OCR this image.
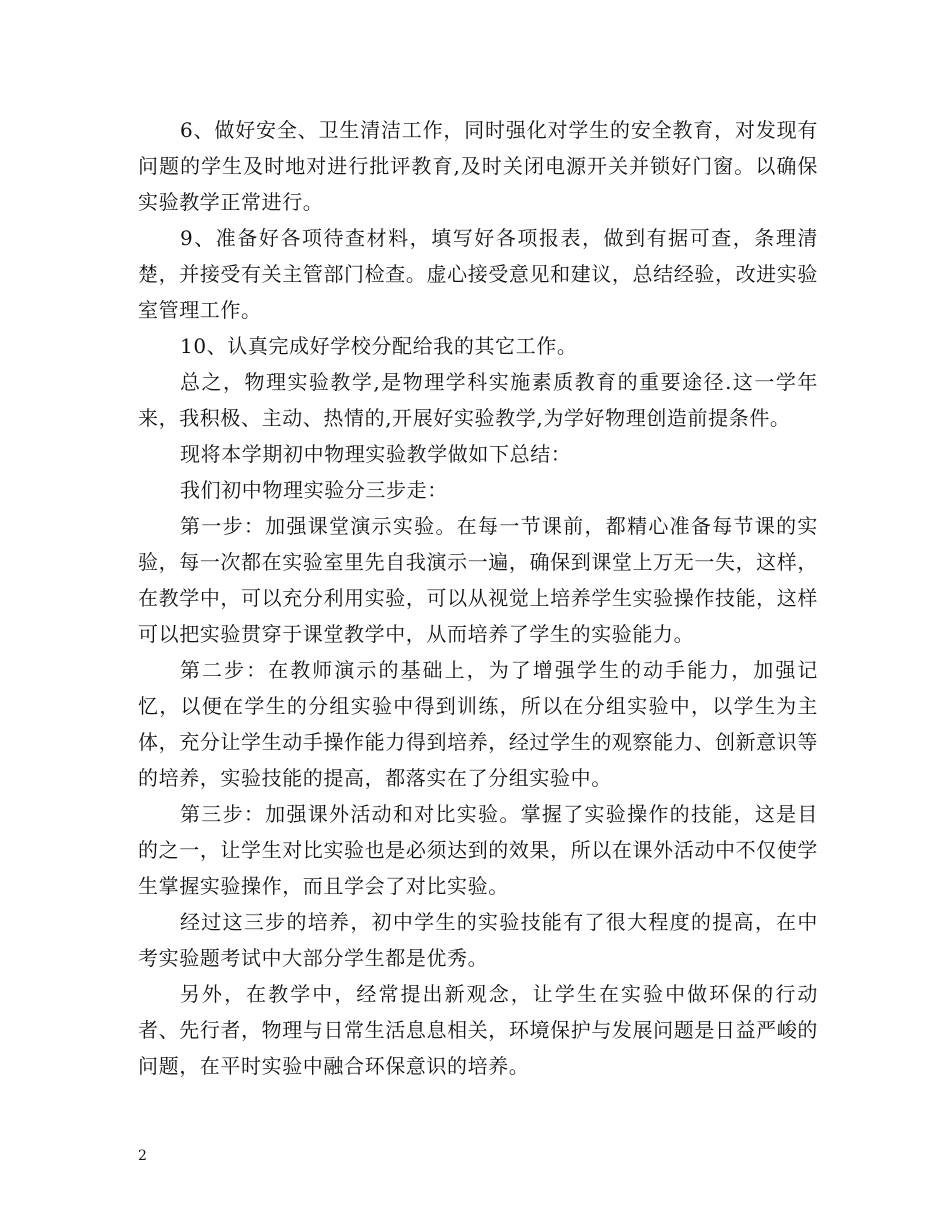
6、做好安全、卫生清洁工作，同时强化对学生的安全教育，对发现有问题的学生及时地对进行批评教育,及时关闭电源开关并锁好门窗。以确保实验教学正常进行。

9、准备好各项待查材料，填写好各项报表，做到有据可查，条理清楚，并接受有关主管部门检查。虚心接受意见和建议，总结经验，改进实验室管理工作。

10、认真完成好学校分配给我的其它工作。

总之，物理实验教学,是物理学科实施素质教育的重要途径.这一学年来，我积极、主动、热情的,开展好实验教学,为学好物理创造前提条件。

现将本学期初中物理实验教学做如下总结：

我们初中物理实验分三步走：

第一步：加强课堂演示实验。在每一节课前，都精心准备每节课的实验，每一次都在实验室里先自我演示一遍，确保到课堂上万无一失，这样，在教学中，可以充分利用实验，可以从视觉上培养学生实验操作技能，这样可以把实验贯穿于课堂教学中，从而培养了学生的实验能力。

第二步：在教师演示的基础上，为了增强学生的动手能力，加强记忆，以便在学生的分组实验中得到训练，所以在分组实验中，以学生为主体，充分让学生动手操作能力得到培养，经过学生的观察能力、创新意识等的培养，实验技能的提高，都落实在了分组实验中。

第三步：加强课外活动和对比实验。掌握了实验操作的技能，这是目的之一，让学生对比实验也是必须达到的效果，所以在课外活动中不仅使学生掌握实验操作，而且学会了对比实验。

经过这三步的培养，初中学生的实验技能有了很大程度的提高，在中考实验题考试中大部分学生都是优秀。

另外，在教学中，经常提出新观念，让学生在实验中做环保的行动者、先行者，物理与日常生活息息相关，环境保护与发展问题是日益严峻的问题，在平时实验中融合环保意识的培养。

2
